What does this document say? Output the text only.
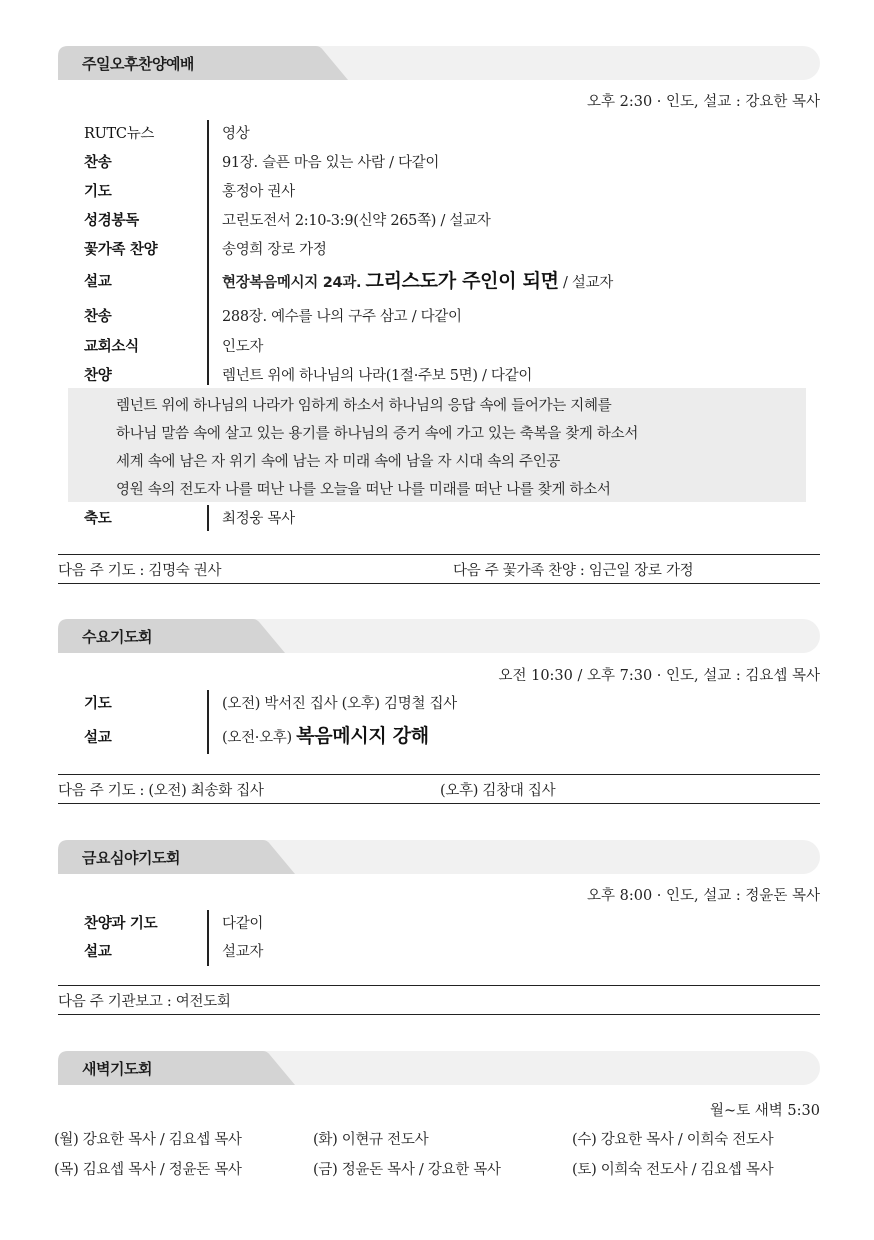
주일오후찬양예배
오후 2:30 · 인도, 설교 : 강요한 목사
RUTC뉴스	영상
찬송	91장. 슬픈 마음 있는 사람 / 다같이
기도	홍정아 권사
성경봉독	고린도전서 2:10-3:9(신약 265쪽) / 설교자
꽃가족 찬양	송영희 장로 가정
설교	현장복음메시지 24과. 그리스도가 주인이 되면 / 설교자
찬송	288장. 예수를 나의 구주 삼고 / 다같이
교회소식	인도자
찬양	렘넌트 위에 하나님의 나라(1절·주보 5면) / 다같이
렘넌트 위에 하나님의 나라가 임하게 하소서 하나님의 응답 속에 들어가는 지혜를
하나님 말씀 속에 살고 있는 용기를 하나님의 증거 속에 가고 있는 축복을 찾게 하소서
세계 속에 남은 자 위기 속에 남는 자 미래 속에 남을 자 시대 속의 주인공
영원 속의 전도자 나를 떠난 나를 오늘을 떠난 나를 미래를 떠난 나를 찾게 하소서
축도	최정웅 목사
다음 주 기도 : 김명숙 권사	다음 주 꽃가족 찬양 : 임근일 장로 가정
수요기도회
오전 10:30 / 오후 7:30 · 인도, 설교 : 김요셉 목사
기도	(오전) 박서진 집사 (오후) 김명철 집사
설교	(오전·오후) 복음메시지 강해
다음 주 기도 : (오전) 최송화 집사	(오후) 김창대 집사
금요심야기도회
오후 8:00 · 인도, 설교 : 정윤돈 목사
찬양과 기도	다같이
설교	설교자
다음 주 기관보고 : 여전도회
새벽기도회
월~토 새벽 5:30
(월) 강요한 목사 / 김요셉 목사	(화) 이현규 전도사	(수) 강요한 목사 / 이희숙 전도사
(목) 김요셉 목사 / 정윤돈 목사	(금) 정윤돈 목사 / 강요한 목사	(토) 이희숙 전도사 / 김요셉 목사
